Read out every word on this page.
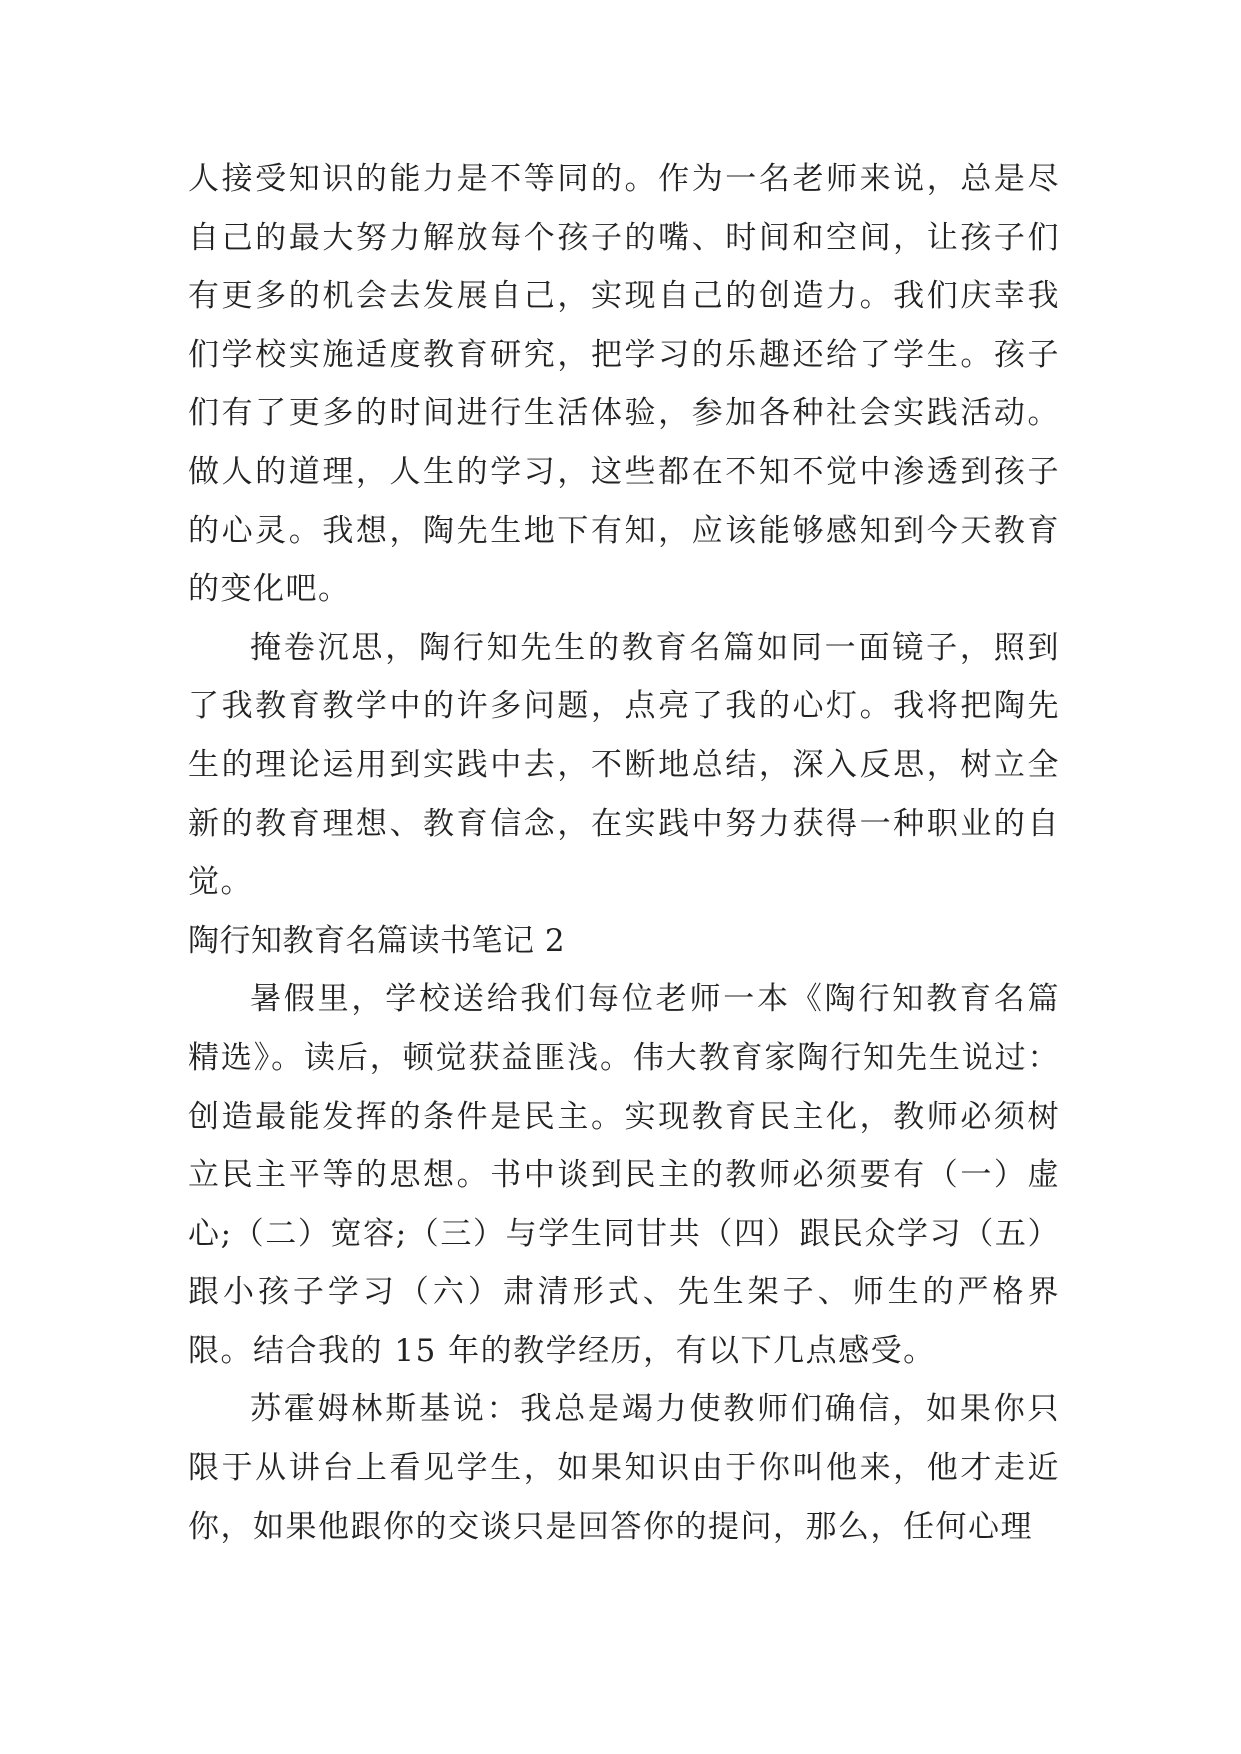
人接受知识的能力是不等同的。作为一名老师来说，总是尽自己的最大努力解放每个孩子的嘴、时间和空间，让孩子们有更多的机会去发展自己，实现自己的创造力。我们庆幸我们学校实施适度教育研究，把学习的乐趣还给了学生。孩子们有了更多的时间进行生活体验，参加各种社会实践活动。做人的道理，人生的学习，这些都在不知不觉中渗透到孩子的心灵。我想，陶先生地下有知，应该能够感知到今天教育的变化吧。

掩卷沉思，陶行知先生的教育名篇如同一面镜子，照到了我教育教学中的许多问题，点亮了我的心灯。我将把陶先生的理论运用到实践中去，不断地总结，深入反思，树立全新的教育理想、教育信念，在实践中努力获得一种职业的自觉。

陶行知教育名篇读书笔记 2

暑假里，学校送给我们每位老师一本《陶行知教育名篇精选》。读后，顿觉获益匪浅。伟大教育家陶行知先生说过：创造最能发挥的条件是民主。实现教育民主化，教师必须树立民主平等的思想。书中谈到民主的教师必须要有（一）虚心;（二）宽容;（三）与学生同甘共（四）跟民众学习（五）跟小孩子学习（六）肃清形式、先生架子、师生的严格界限。结合我的 15 年的教学经历，有以下几点感受。

苏霍姆林斯基说：我总是竭力使教师们确信，如果你只限于从讲台上看见学生，如果知识由于你叫他来，他才走近你，如果他跟你的交谈只是回答你的提问，那么，任何心理
